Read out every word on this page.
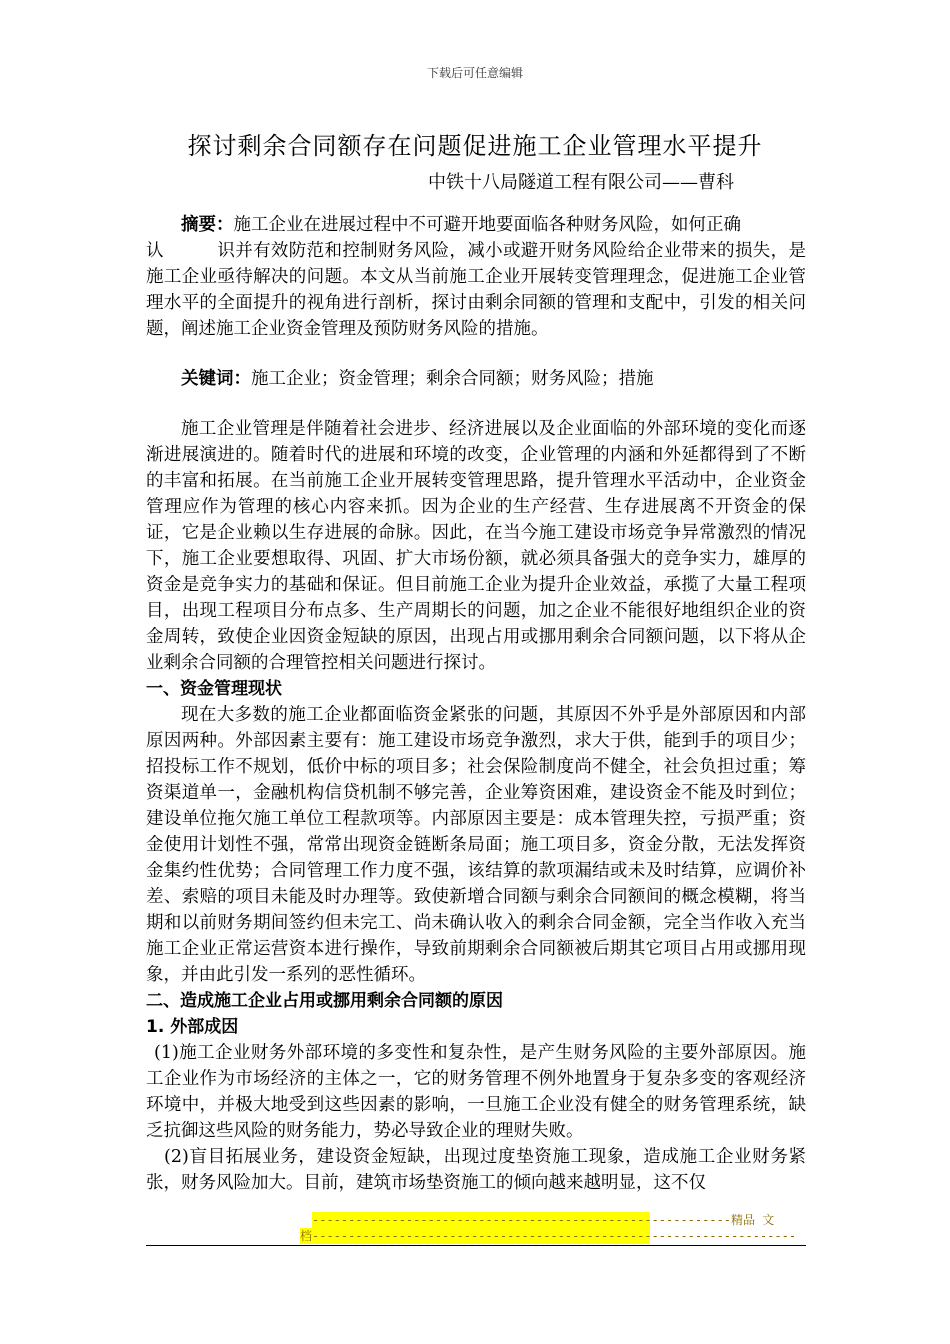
下载后可任意编辑
探讨剩余合同额存在问题促进施工企业管理水平提升
中铁十八局隧道工程有限公司——曹科

摘要：施工企业在进展过程中不可避开地要面临各种财务风险，如何正确

认　　　识并有效防范和控制财务风险，减小或避开财务风险给企业带来的损失，是施工企业亟待解决的问题。本文从当前施工企业开展转变管理理念，促进施工企业管理水平的全面提升的视角进行剖析，探讨由剩余同额的管理和支配中，引发的相关问题，阐述施工企业资金管理及预防财务风险的措施。

关键词：施工企业；资金管理；剩余合同额；财务风险；措施

施工企业管理是伴随着社会进步、经济进展以及企业面临的外部环境的变化而逐渐进展演进的。随着时代的进展和环境的改变，企业管理的内涵和外延都得到了不断的丰富和拓展。在当前施工企业开展转变管理思路，提升管理水平活动中，企业资金管理应作为管理的核心内容来抓。因为企业的生产经营、生存进展离不开资金的保证，它是企业赖以生存进展的命脉。因此，在当今施工建设市场竞争异常激烈的情况下，施工企业要想取得、巩固、扩大市场份额，就必须具备强大的竞争实力，雄厚的资金是竞争实力的基础和保证。但目前施工企业为提升企业效益，承揽了大量工程项目，出现工程项目分布点多、生产周期长的问题，加之企业不能很好地组织企业的资金周转，致使企业因资金短缺的原因，出现占用或挪用剩余合同额问题，以下将从企业剩余合同额的合理管控相关问题进行探讨。

一、资金管理现状

现在大多数的施工企业都面临资金紧张的问题，其原因不外乎是外部原因和内部原因两种。外部因素主要有：施工建设市场竞争激烈，求大于供，能到手的项目少；招投标工作不规划，低价中标的项目多；社会保险制度尚不健全，社会负担过重；筹资渠道单一，金融机构信贷机制不够完善，企业筹资困难，建设资金不能及时到位；建设单位拖欠施工单位工程款项等。内部原因主要是：成本管理失控，亏损严重；资金使用计划性不强，常常出现资金链断条局面；施工项目多，资金分散，无法发挥资金集约性优势；合同管理工作力度不强，该结算的款项漏结或未及时结算，应调价补差、索赔的项目未能及时办理等。致使新增合同额与剩余合同额间的概念模糊，将当期和以前财务期间签约但未完工、尚未确认收入的剩余合同金额，完全当作收入充当施工企业正常运营资本进行操作，导致前期剩余合同额被后期其它项目占用或挪用现象，并由此引发一系列的恶性循环。

二、造成施工企业占用或挪用剩余合同额的原因

1. 外部成因

(1)施工企业财务外部环境的多变性和复杂性，是产生财务风险的主要外部原因。施工企业作为市场经济的主体之一，它的财务管理不例外地置身于复杂多变的客观经济环境中，并极大地受到这些因素的影响，一旦施工企业没有健全的财务管理系统，缺乏抗御这些风险的财务能力，势必导致企业的理财失败。

(2)盲目拓展业务，建设资金短缺，出现过度垫资施工现象，造成施工企业财务紧张，财务风险加大。目前，建筑市场垫资施工的倾向越来越明显，这不仅

----------------------------------------------------------精品 文
档-------------------------------------------------------------------
